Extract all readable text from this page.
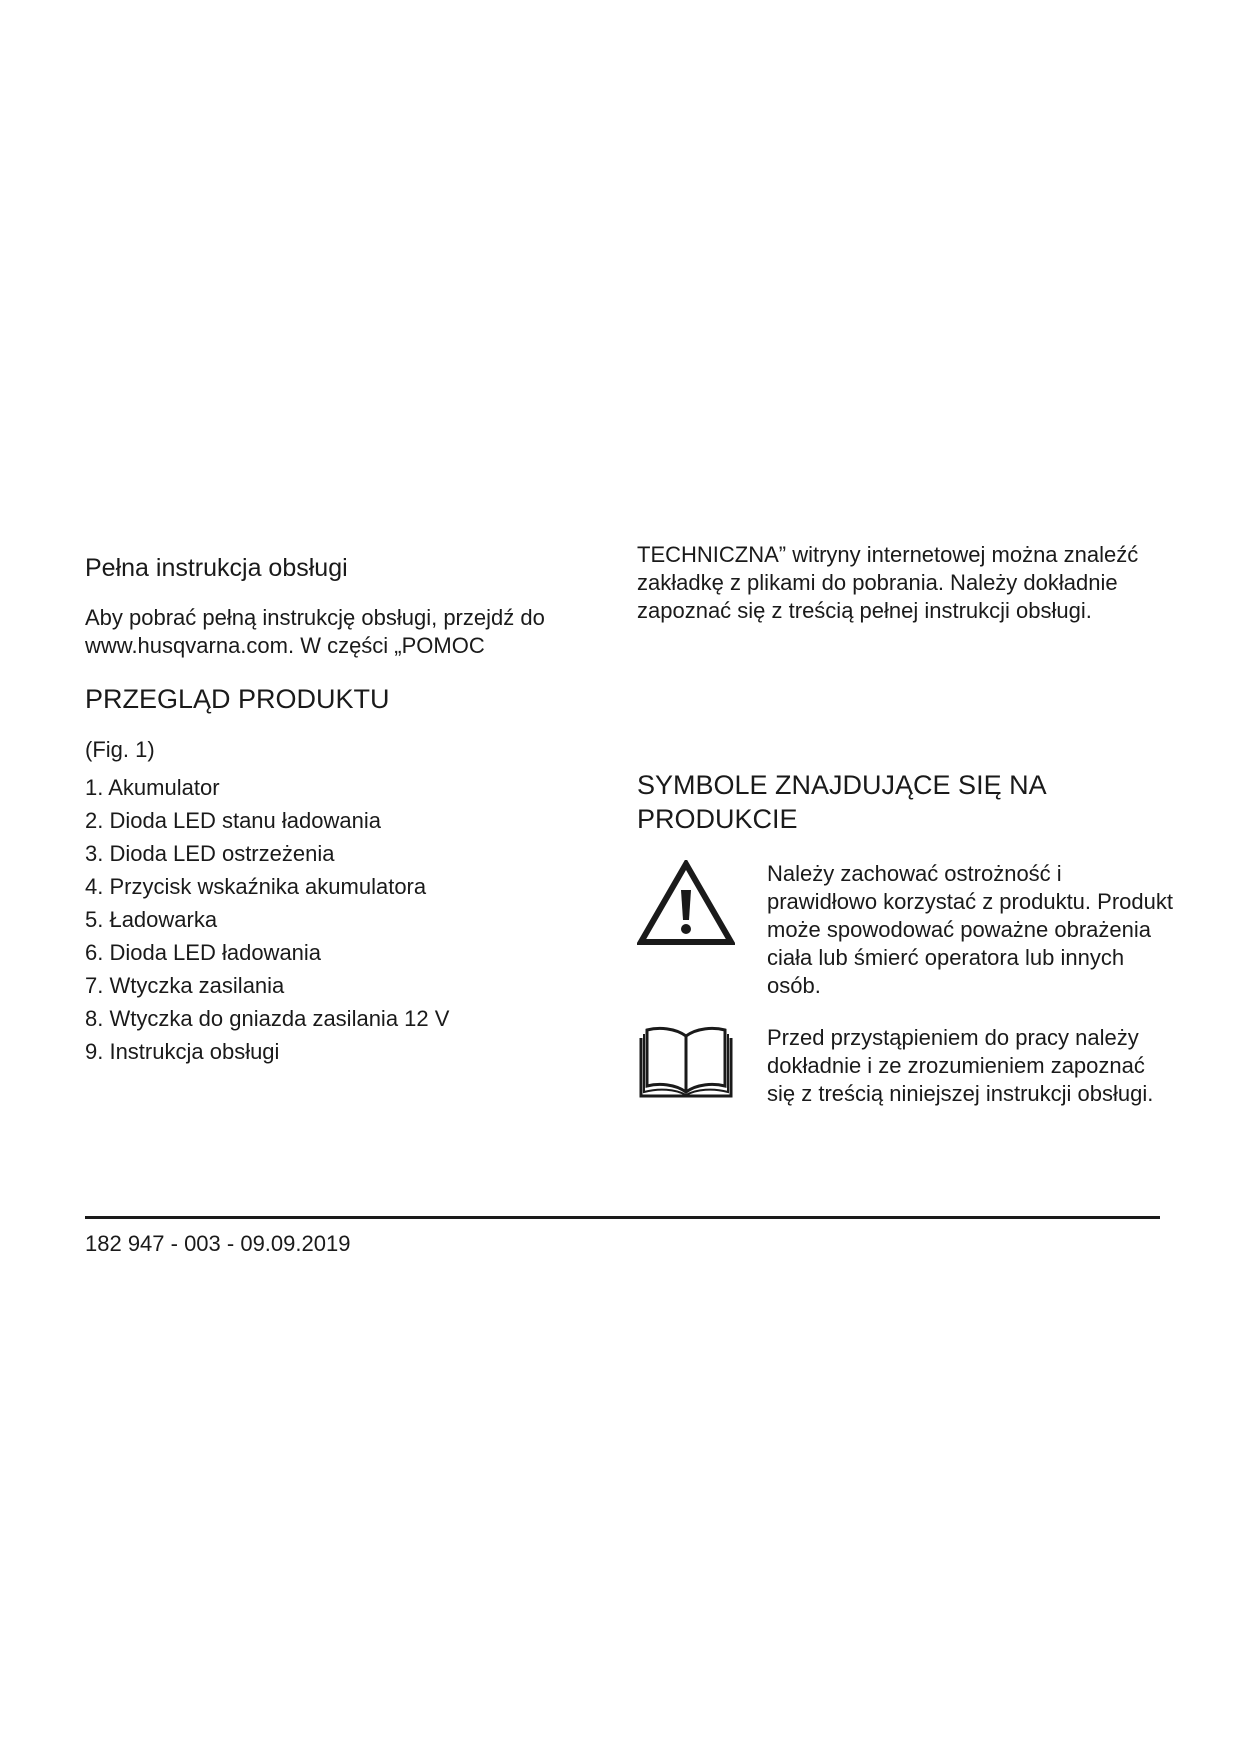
Pełna instrukcja obsługi

Aby pobrać pełną instrukcję obsługi, przejdź do www.husqvarna.com. W części „POMOC

PRZEGLĄD PRODUKTU

(Fig. 1)

1. Akumulator
2. Dioda LED stanu ładowania
3. Dioda LED ostrzeżenia
4. Przycisk wskaźnika akumulatora
5. Ładowarka
6. Dioda LED ładowania
7. Wtyczka zasilania
8. Wtyczka do gniazda zasilania 12 V
9. Instrukcja obsługi

TECHNICZNA” witryny internetowej można znaleźć zakładkę z plikami do pobrania. Należy dokładnie zapoznać się z treścią pełnej instrukcji obsługi.

SYMBOLE ZNAJDUJĄCE SIĘ NA PRODUKCIE

Należy zachować ostrożność i prawidłowo korzystać z produktu. Produkt może spowodować poważne obrażenia ciała lub śmierć operatora lub innych osób.

Przed przystąpieniem do pracy należy dokładnie i ze zrozumieniem zapoznać się z treścią niniejszej instrukcji obsługi.

182 947 - 003 - 09.09.2019
